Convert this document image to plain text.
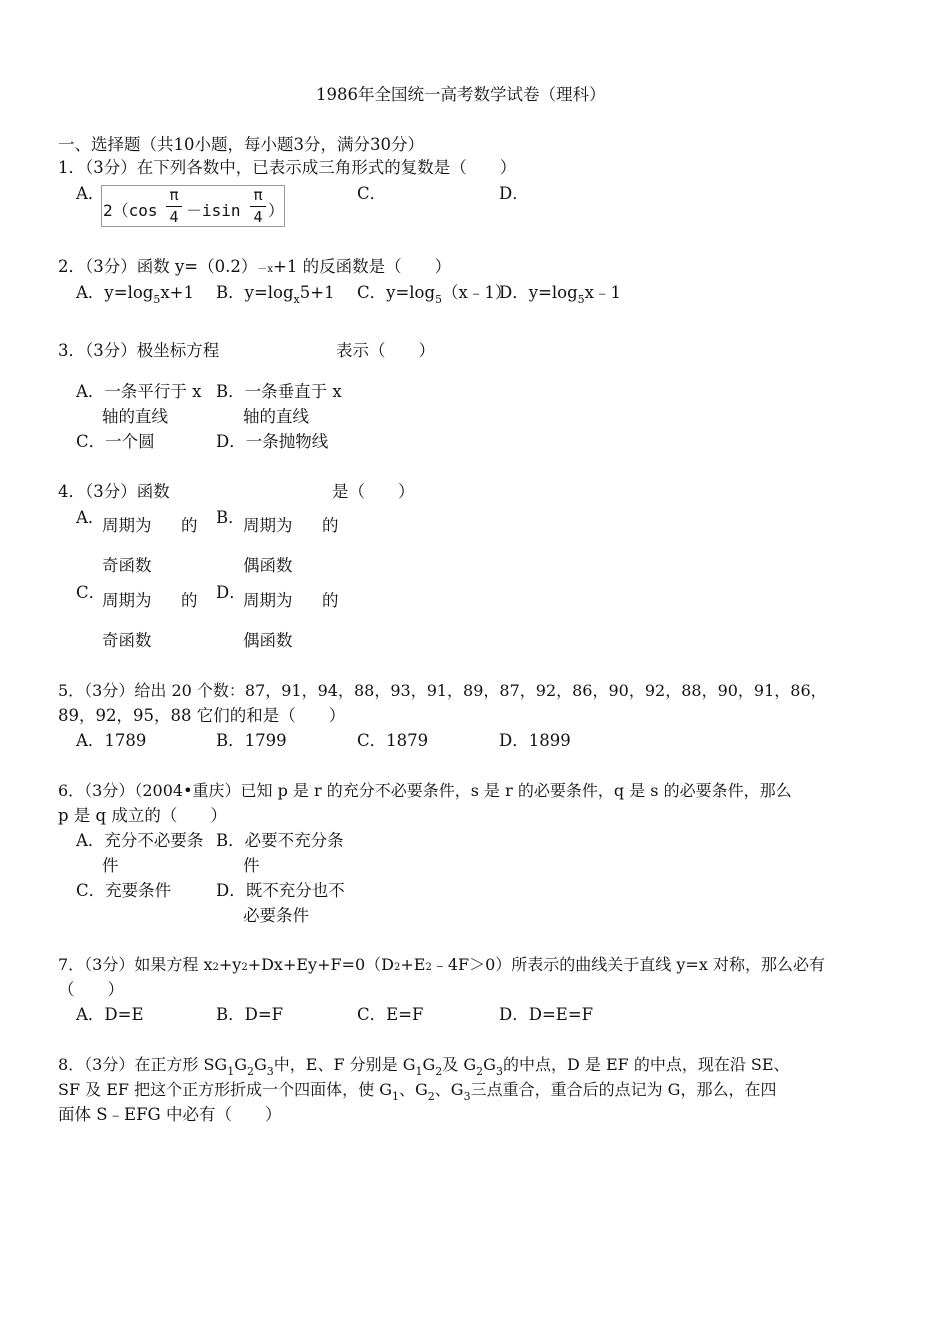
1986年全国统一高考数学试卷（理科）
一、选择题（共10小题，每小题3分，满分30分）
1．（3分）在下列各数中，已表示成三角形式的复数是（　　）
A．
2（cos
π
4 －isin
π
4 ）
C．	D．
2．（3分）函数 y=（0.2）－x+1 的反函数是（　　）
A．$y=\log_5x+1$ B．$y=\log_x5+1$ C．$y=\log_5(x﹣1)$
D．$y=\log_5x﹣1$
3．（3分）极坐标方程	表示（　　）
A．一条平行于 x
轴的直线
B．一条垂直于 x
轴的直线
C．一个圆	D．一条抛物线
4．（3分）函数	是（　　）
A．
周期为 的
奇函数
B．
周期为 的
偶函数
C．
周期为 的
奇函数
D．
周期为 的
偶函数
5．（3分）给出 20 个数：87，91，94，88，93，91，89，87，92，86，90，92，88，90，91，86，
89，92，95，88 它们的和是（　　）
A．1789	B．1799	C．1879	D．1899
6．（3分）（2004•重庆）已知 p 是 r 的充分不必要条件，s 是 r 的必要条件，q 是 s 的必要条件，那么
p 是 q 成立的（　　）
A．充分不必要条
件
B．必要不充分条
件
C．充要条件	D．既不充分也不
必要条件
7．（3分）如果方程 x2+y2+Dx+Ey+F=0（D2+E2﹣4F＞0）所表示的曲线关于直线 y=x 对称，那么必有
（　　）
A．D=E	B．D=F	C．E=F	D．D=E=F
8．（3分）在正方形 $SG_1G_2G_3$中，E、F 分别是 $G_1G_2$及 $G_2G_3$的中点，D 是 EF 的中点，现在沿 SE、
SF 及 EF 把这个正方形折成一个四面体，使 $G_1$、$G_2$、$G_3$三点重合，重合后的点记为 G，那么，在四
面体 S﹣EFG 中必有（　　）
